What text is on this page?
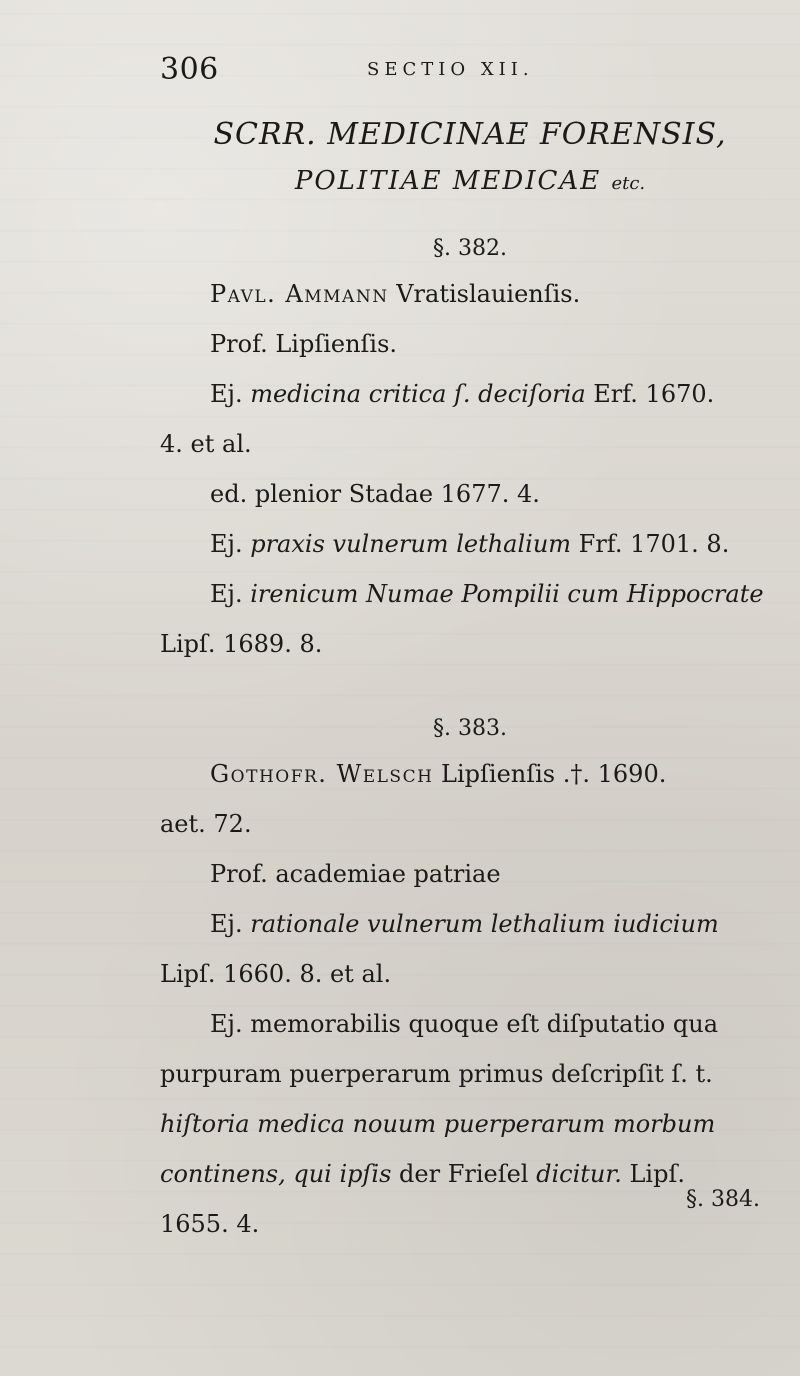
306	SECTIO XII.
SCRR. MEDICINAE FORENSIS,
POLITIAE MEDICAE etc.
§. 382.
Pavl. Ammann Vratislauienſis.
Prof. Lipſienſis.
Ej. medicina critica ſ. deciſoria Erf. 1670.
4. et al.
ed. plenior Stadae 1677. 4.
Ej. praxis vulnerum lethalium Frf. 1701. 8.
Ej. irenicum Numae Pompilii cum Hippocrate
Lipſ. 1689. 8.
§. 383.
Gothofr. Welsch Lipſienſis .†. 1690.
aet. 72.
Prof. academiae patriae
Ej. rationale vulnerum lethalium iudicium
Lipſ. 1660. 8. et al.
Ej. memorabilis quoque eſt diſputatio qua
purpuram puerperarum primus deſcripſit ſ. t.
hiſtoria medica nouum puerperarum morbum
continens, qui ipſis der Frieſel dicitur. Lipſ.
1655. 4.
§. 384.
